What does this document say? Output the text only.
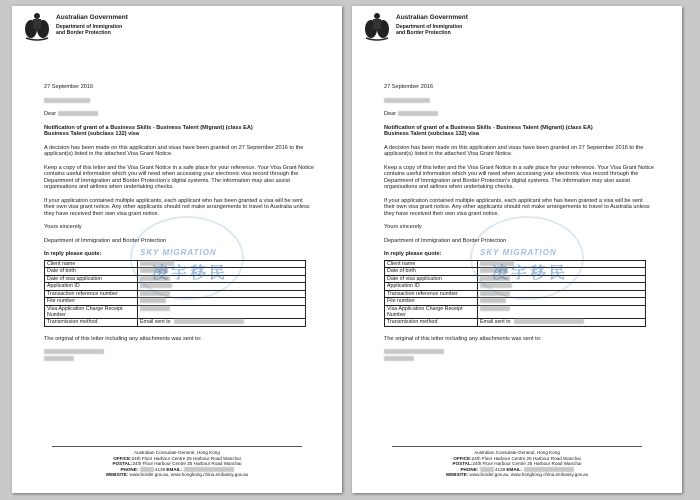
Australian Government
Department of Immigration
and Border Protection

27 September 2016

Dear

Notification of grant of a Business Skills - Business Talent (Migrant) (class EA)
Business Talent (subclass 132) visa

A decision has been made on this application and visas have been granted on 27 September 2016 to the applicant(s) listed in the attached Visa Grant Notice.

Keep a copy of this letter and the Visa Grant Notice in a safe place for your reference. Your Visa Grant Notice contains useful information which you will need when accessing your electronic visa record through the Department of Immigration and Border Protection's digital systems. The information may also assist organisations and airlines when undertaking checks.

If your application contained multiple applicants, each applicant who has been granted a visa will be sent their own visa grant notice. Any other applicants should not make arrangements to travel to Australia unless they have received their own visa grant notice.

Yours sincerely

Department of Immigration and Border Protection

In reply please quote:
Client name	
Date of birth	
Date of visa application	
Application ID	
Transaction reference number	
File number	
Visa Application Charge Receipt Number	
Transmission method	Email sent to

The original of this letter including any attachments was sent to:

Australian Consulate-General, Hong Kong
OFFICE:24th Floor Harbour Centre 25 Harbour Road Wanchai
POSTAL:24th Floor Harbour Centre 25 Harbour Road Wanchai
PHONE:	4139 EMAIL:
WEBSITE: www.border.gov.au, www.hongkong.china.embassy.gov.au
SKY MIGRATION
凌宇移民
Australian Government
Department of Immigration
and Border Protection

27 September 2016

Dear

Notification of grant of a Business Skills - Business Talent (Migrant) (class EA)
Business Talent (subclass 132) visa

A decision has been made on this application and visas have been granted on 27 September 2016 to the applicant(s) listed in the attached Visa Grant Notice.

Keep a copy of this letter and the Visa Grant Notice in a safe place for your reference. Your Visa Grant Notice contains useful information which you will need when accessing your electronic visa record through the Department of Immigration and Border Protection's digital systems. The information may also assist organisations and airlines when undertaking checks.

If your application contained multiple applicants, each applicant who has been granted a visa will be sent their own visa grant notice. Any other applicants should not make arrangements to travel to Australia unless they have received their own visa grant notice.

Yours sincerely

Department of Immigration and Border Protection

In reply please quote:
Client name	
Date of birth	
Date of visa application	
Application ID	
Transaction reference number	
File number	
Visa Application Charge Receipt Number	
Transmission method	Email sent to

The original of this letter including any attachments was sent to:

Australian Consulate-General, Hong Kong
OFFICE:24th Floor Harbour Centre 25 Harbour Road Wanchai
POSTAL:24th Floor Harbour Centre 25 Harbour Road Wanchai
PHONE:	4139 EMAIL:
WEBSITE: www.border.gov.au, www.hongkong.china.embassy.gov.au
SKY MIGRATION
凌宇移民
